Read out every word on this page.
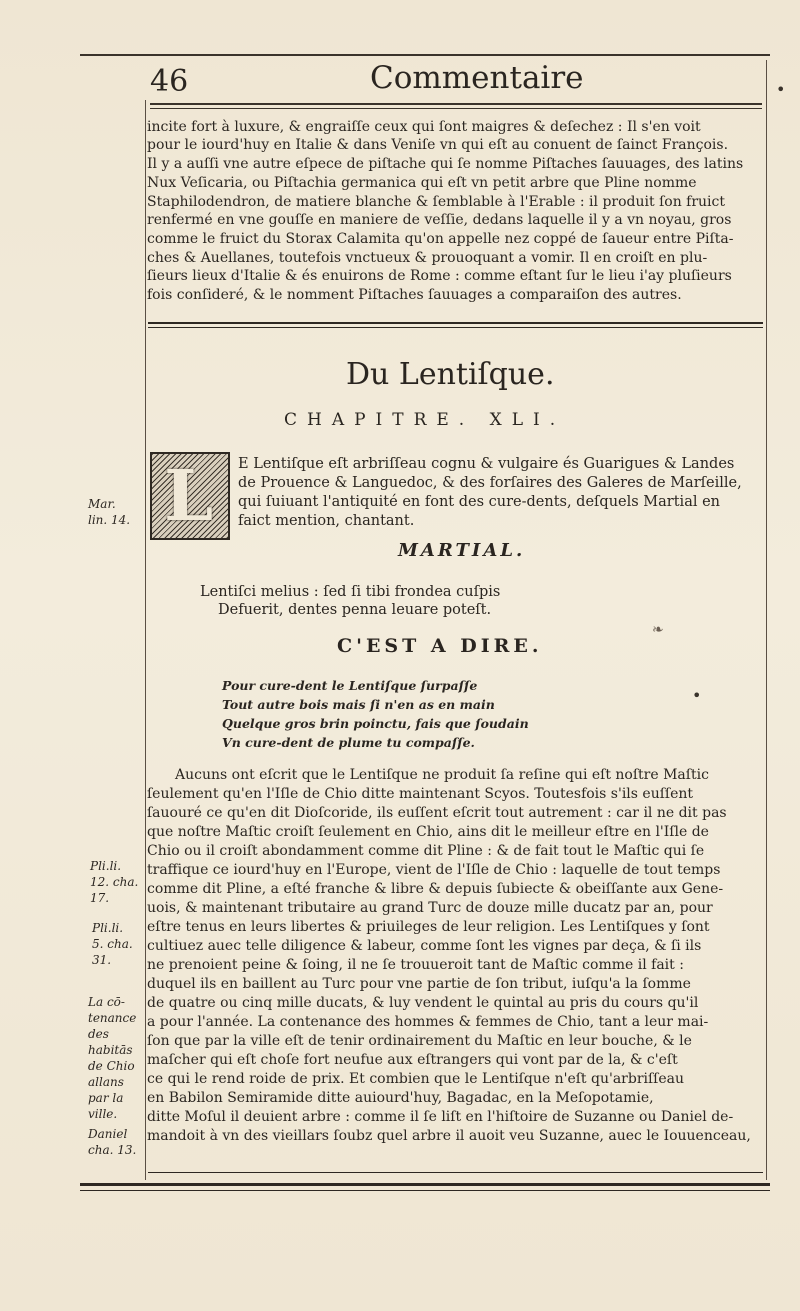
46	Commentaire
incite fort à luxure, & engraiſſe ceux qui ſont maigres & deſechez : Il s'en voit
pour le iourd'huy en Italie & dans Veniſe vn qui eſt au conuent de ſainct François.
Il y a auſſi vne autre eſpece de piſtache qui ſe nomme Piſtaches ſauuages, des latins
Nux Veſicaria, ou Piſtachia germanica qui eſt vn petit arbre que Pline nomme
Staphilodendron, de matiere blanche & ſemblable à l'Erable : il produit ſon fruict
renfermé en vne gouſſe en maniere de veſſie, dedans laquelle il y a vn noyau, gros
comme le fruict du Storax Calamita qu'on appelle nez coppé de ſaueur entre Piſta-
ches & Auellanes, toutefois vnctueux & prouoquant a vomir. Il en croiſt en plu-
ſieurs lieux d'Italie & és enuirons de Rome : comme eſtant ſur le lieu i'ay pluſieurs
fois conſideré, & le nomment Piſtaches ſauuages a comparaiſon des autres.
Du Lentiſque.
CHAPITRE. XLI.
L E Lentiſque eſt arbriſſeau cognu & vulgaire és Guarigues & Landes
de Prouence & Languedoc, & des forſaires des Galeres de Marſeille,
qui ſuiuant l'antiquité en font des cure-dents, deſquels Martial en
faict mention, chantant.
Mar.
lin. 14.
MARTIAL.
Lentiſci melius : ſed ſi tibi frondea cuſpis
Defuerit, dentes penna leuare poteſt.
❧
C'EST A DIRE.
Pour cure-dent le Lentiſque ſurpaſſe
Tout autre bois mais ſi n'en as en main
Quelque gros brin poinctu, fais que ſoudain
Vn cure-dent de plume tu compaſſe.
Aucuns ont eſcrit que le Lentiſque ne produit ſa reſine qui eſt noſtre Maſtic
ſeulement qu'en l'Iſle de Chio ditte maintenant Scyos. Toutesfois s'ils euſſent
ſauouré ce qu'en dit Dioſcoride, ils euſſent eſcrit tout autrement : car il ne dit pas
que noſtre Maſtic croiſt ſeulement en Chio, ains dit le meilleur eſtre en l'Iſle de
Chio ou il croiſt abondamment comme dit Pline : & de fait tout le Maſtic qui ſe
traffique ce iourd'huy en l'Europe, vient de l'Iſle de Chio : laquelle de tout temps
comme dit Pline, a eſté franche & libre & depuis ſubiecte & obeiſſante aux Gene-
uois, & maintenant tributaire au grand Turc de douze mille ducatz par an, pour
eſtre tenus en leurs libertes & priuileges de leur religion. Les Lentiſques y ſont
cultiuez auec telle diligence & labeur, comme ſont les vignes par deça, & ſi ils
ne prenoient peine & ſoing, il ne ſe trouueroit tant de Maſtic comme il fait :
duquel ils en baillent au Turc pour vne partie de ſon tribut, iuſqu'a la ſomme
de quatre ou cinq mille ducats, & luy vendent le quintal au pris du cours qu'il
a pour l'année. La contenance des hommes & femmes de Chio, tant a leur mai-
ſon que par la ville eſt de tenir ordinairement du Maſtic en leur bouche, & le
maſcher qui eſt choſe fort neufue aux eſtrangers qui vont par de la, & c'eſt
ce qui le rend roide de prix. Et combien que le Lentiſque n'eſt qu'arbriſſeau
en Babilon Semiramide ditte auiourd'huy, Bagadac, en la Meſopotamie,
ditte Moſul il deuient arbre : comme il ſe liſt en l'hiſtoire de Suzanne ou Daniel de-
mandoit à vn des vieillars ſoubz quel arbre il auoit veu Suzanne, auec le Iouuenceau,
Pli.li.
12. cha.
17.
Pli.li.
5. cha.
31.
La cō-
tenance
des
habitās
de Chio
allans
par la
ville.
Daniel
cha. 13.
•
•
